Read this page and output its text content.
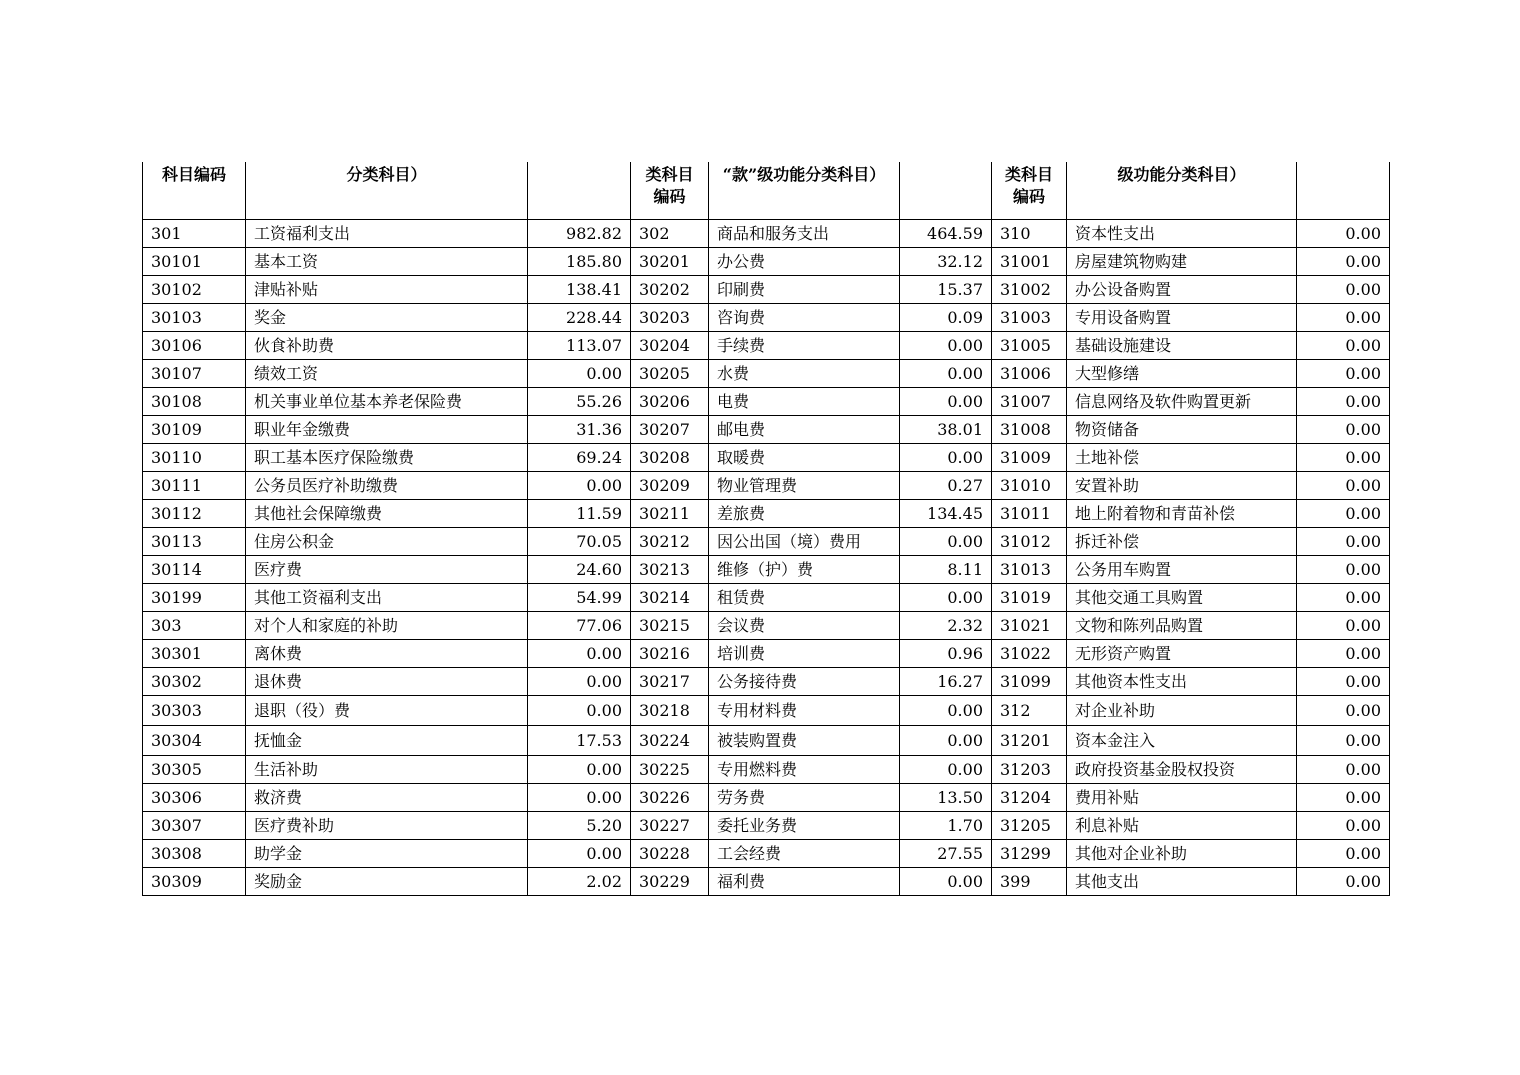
科目编码	分类科目）		类科目编码	“款”级功能分类科目）		类科目编码	级功能分类科目）	
301	工资福利支出	982.82	302	商品和服务支出	464.59	310	资本性支出	0.00
30101	基本工资	185.80	30201	办公费	32.12	31001	房屋建筑物购建	0.00
30102	津贴补贴	138.41	30202	印刷费	15.37	31002	办公设备购置	0.00
30103	奖金	228.44	30203	咨询费	0.09	31003	专用设备购置	0.00
30106	伙食补助费	113.07	30204	手续费	0.00	31005	基础设施建设	0.00
30107	绩效工资	0.00	30205	水费	0.00	31006	大型修缮	0.00
30108	机关事业单位基本养老保险费	55.26	30206	电费	0.00	31007	信息网络及软件购置更新	0.00
30109	职业年金缴费	31.36	30207	邮电费	38.01	31008	物资储备	0.00
30110	职工基本医疗保险缴费	69.24	30208	取暖费	0.00	31009	土地补偿	0.00
30111	公务员医疗补助缴费	0.00	30209	物业管理费	0.27	31010	安置补助	0.00
30112	其他社会保障缴费	11.59	30211	差旅费	134.45	31011	地上附着物和青苗补偿	0.00
30113	住房公积金	70.05	30212	因公出国（境）费用	0.00	31012	拆迁补偿	0.00
30114	医疗费	24.60	30213	维修（护）费	8.11	31013	公务用车购置	0.00
30199	其他工资福利支出	54.99	30214	租赁费	0.00	31019	其他交通工具购置	0.00
303	对个人和家庭的补助	77.06	30215	会议费	2.32	31021	文物和陈列品购置	0.00
30301	离休费	0.00	30216	培训费	0.96	31022	无形资产购置	0.00
30302	退休费	0.00	30217	公务接待费	16.27	31099	其他资本性支出	0.00
30303	退职（役）费	0.00	30218	专用材料费	0.00	312	对企业补助	0.00
30304	抚恤金	17.53	30224	被装购置费	0.00	31201	资本金注入	0.00
30305	生活补助	0.00	30225	专用燃料费	0.00	31203	政府投资基金股权投资	0.00
30306	救济费	0.00	30226	劳务费	13.50	31204	费用补贴	0.00
30307	医疗费补助	5.20	30227	委托业务费	1.70	31205	利息补贴	0.00
30308	助学金	0.00	30228	工会经费	27.55	31299	其他对企业补助	0.00
30309	奖励金	2.02	30229	福利费	0.00	399	其他支出	0.00
